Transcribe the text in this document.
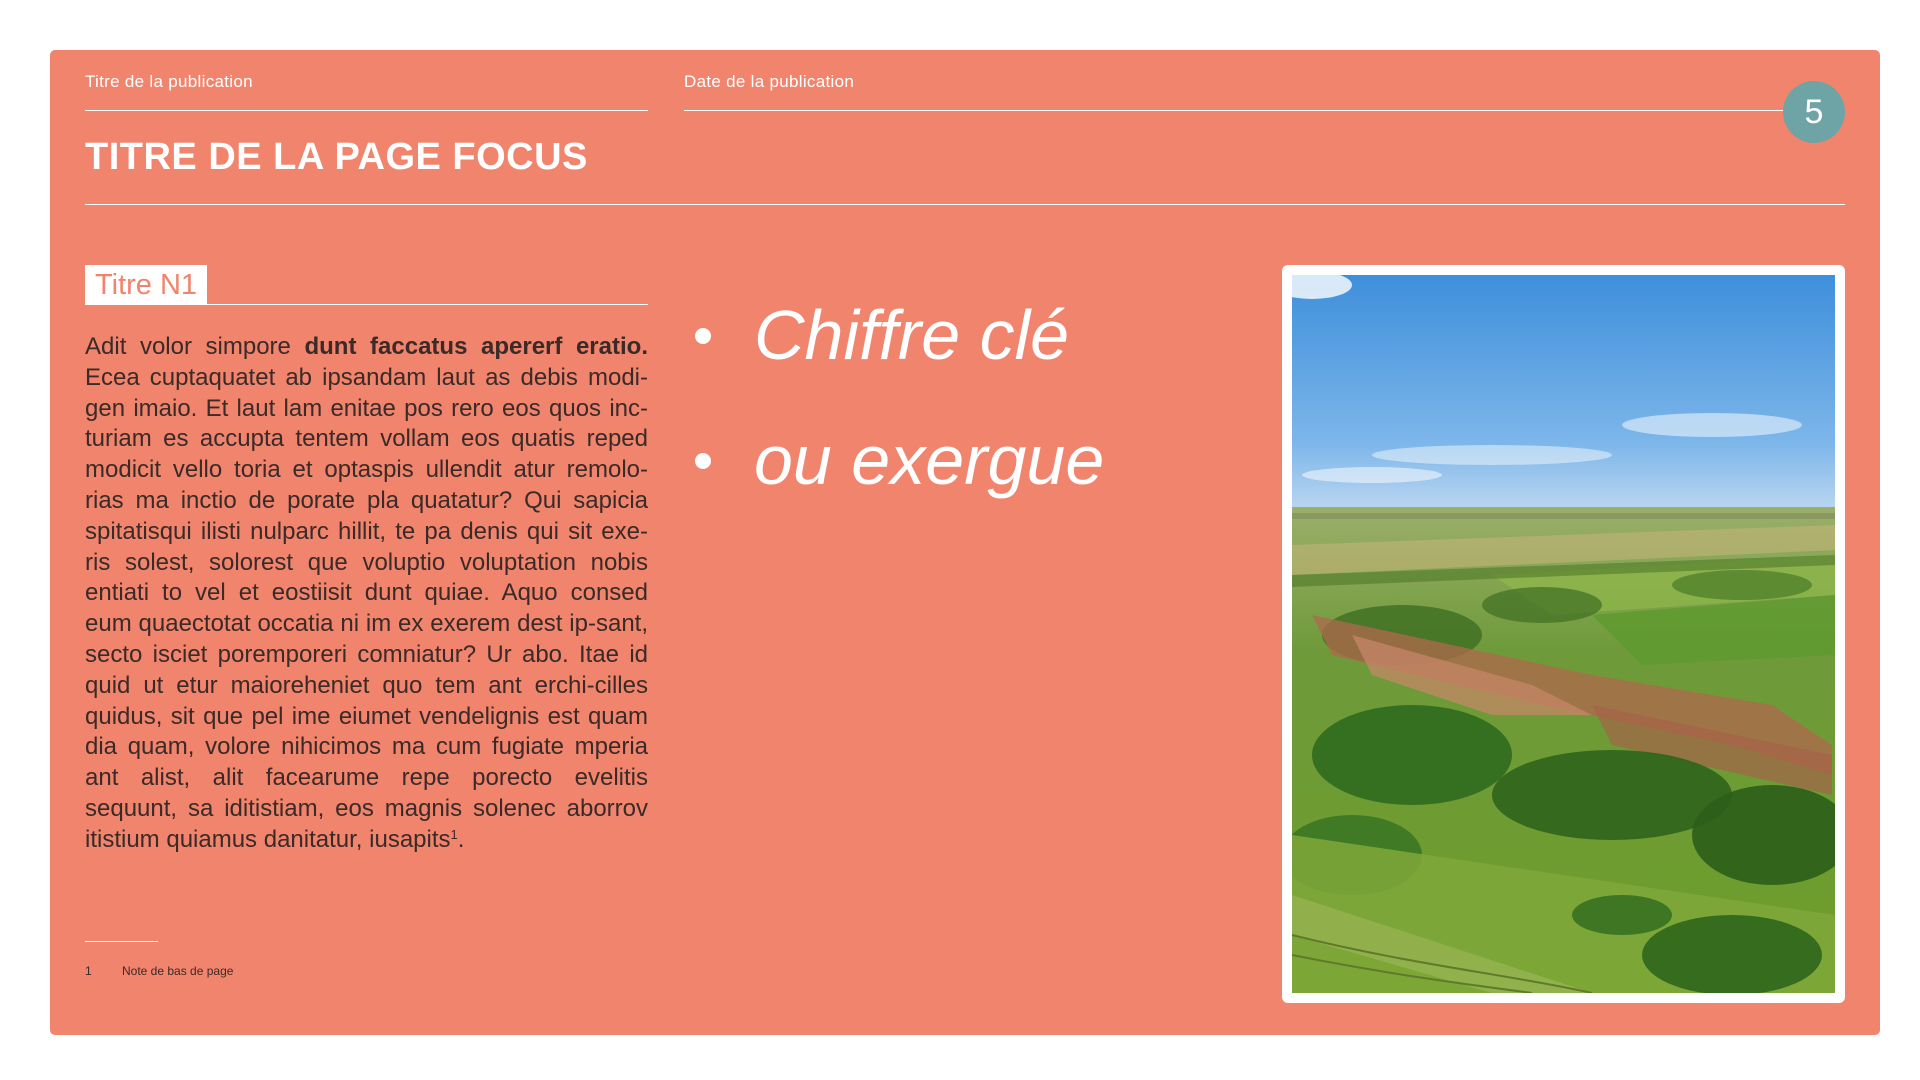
Titre de la publication	Date de la publication
5
TITRE DE LA PAGE FOCUS
Titre N1
Adit volor simpore dunt faccatus apererf eratio. Ecea cuptaquatet ab ipsandam laut as debis modi-gen imaio. Et laut lam enitae pos rero eos quos inc-turiam es accupta tentem vollam eos quatis reped modicit vello toria et optaspis ullendit atur remolo-rias ma inctio de porate pla quatatur? Qui sapicia spitatisqui ilisti nulparc hillit, te pa denis qui sit exe-ris solest, solorest que voluptio voluptation nobis entiati to vel et eostiisit dunt quiae. Aquo consed eum quaectotat occatia ni im ex exerem dest ip-sant, secto isciet poremporeri comniatur? Ur abo. Itae id quid ut etur maioreheniet quo tem ant erchi-cilles quidus, sit que pel ime eiumet vendelignis est quam dia quam, volore nihicimos ma cum fugiate mperia ant alist, alit facearume repe porecto evelitis sequunt, sa iditistiam, eos magnis solenec aborrov itistium quiamus danitatur, iusapits$^1$.
Chiffre clé
ou exergue
1	Note de bas de page
